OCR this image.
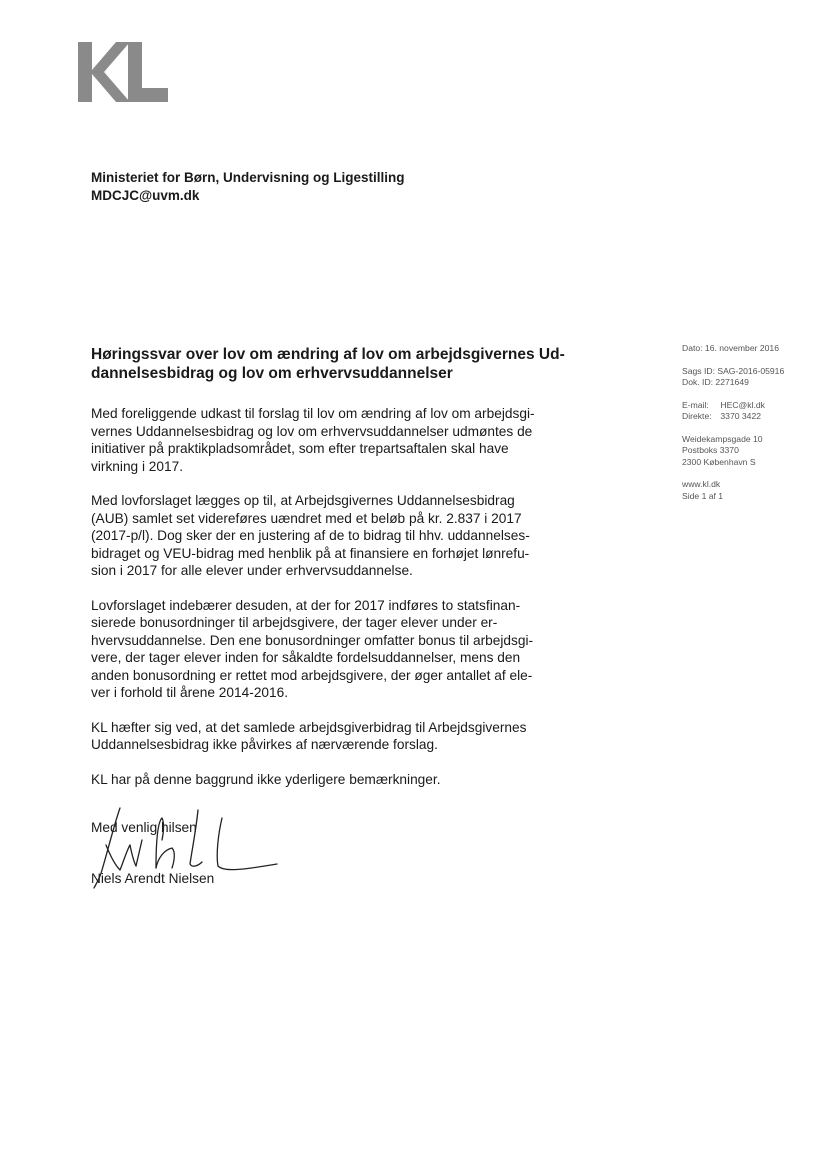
Ministeriet for Børn, Undervisning og Ligestilling
MDCJC@uvm.dk
Høringssvar over lov om ændring af lov om arbejdsgivernes Ud-
dannelsesbidrag og lov om erhvervsuddannelser
Med foreliggende udkast til forslag til lov om ændring af lov om arbejdsgi-
vernes Uddannelsesbidrag og lov om erhvervsuddannelser udmøntes de
initiativer på praktikpladsområdet, som efter trepartsaftalen skal have
virkning i 2017.
Med lovforslaget lægges op til, at Arbejdsgivernes Uddannelsesbidrag
(AUB) samlet set videreføres uændret med et beløb på kr. 2.837 i 2017
(2017-p/l). Dog sker der en justering af de to bidrag til hhv. uddannelses-
bidraget og VEU-bidrag med henblik på at finansiere en forhøjet lønrefu-
sion i 2017 for alle elever under erhvervsuddannelse.
Lovforslaget indebærer desuden, at der for 2017 indføres to statsfinan-
sierede bonusordninger til arbejdsgivere, der tager elever under er-
hvervsuddannelse. Den ene bonusordninger omfatter bonus til arbejdsgi-
vere, der tager elever inden for såkaldte fordelsuddannelser, mens den
anden bonusordning er rettet mod arbejdsgivere, der øger antallet af ele-
ver i forhold til årene 2014-2016.
KL hæfter sig ved, at det samlede arbejdsgiverbidrag til Arbejdsgivernes
Uddannelsesbidrag ikke påvirkes af nærværende forslag.
KL har på denne baggrund ikke yderligere bemærkninger.
Dato: 16. november 2016
Sags ID: SAG-2016-05916
Dok. ID: 2271649
E-mail: HEC@kl.dk
Direkte: 3370 3422
Weidekampsgade 10
Postboks 3370
2300 København S
www.kl.dk
Side 1 af 1
Med venlig hilsen
Niels Arendt Nielsen
